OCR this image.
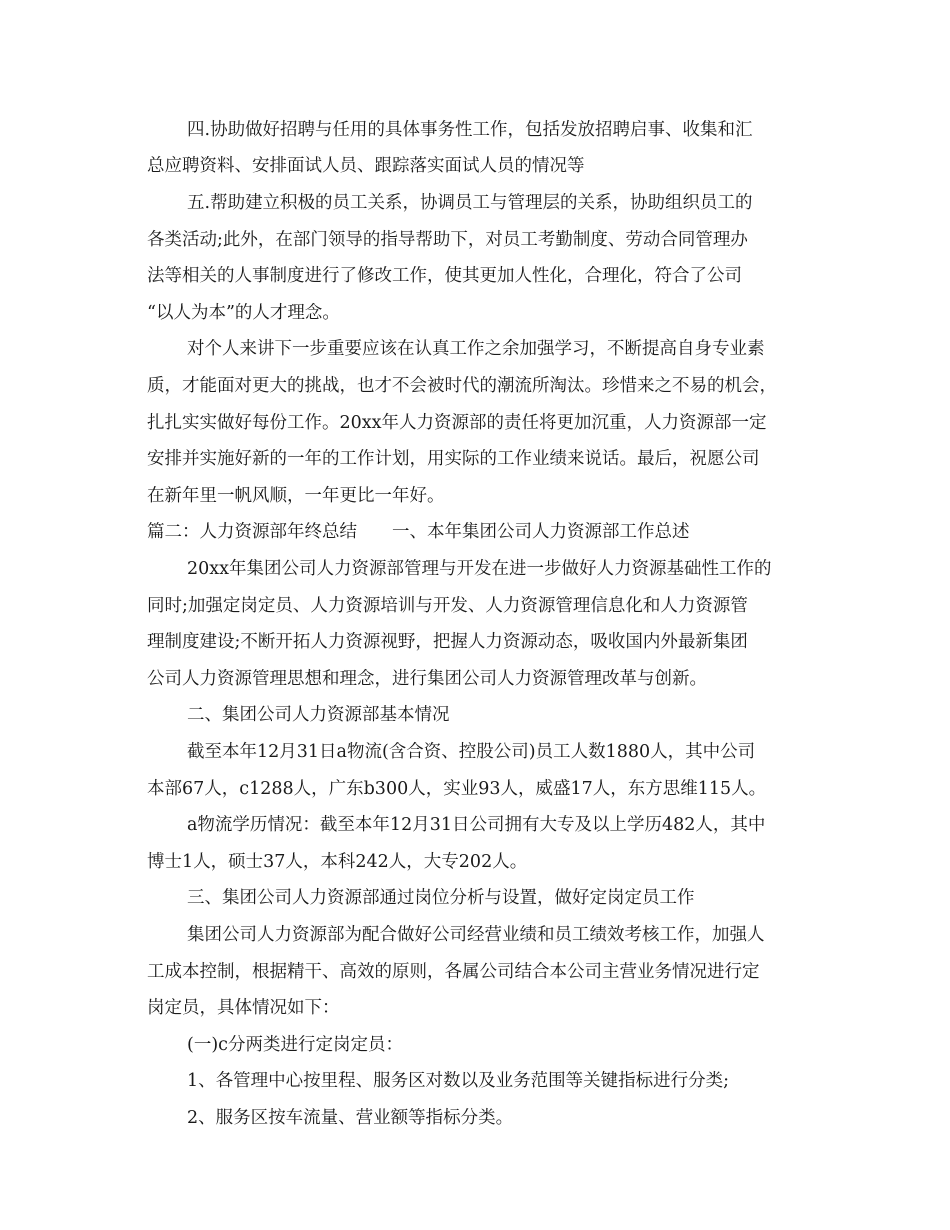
四.协助做好招聘与任用的具体事务性工作，包括发放招聘启事、收集和汇

总应聘资料、安排面试人员、跟踪落实面试人员的情况等

五.帮助建立积极的员工关系，协调员工与管理层的关系，协助组织员工的

各类活动;此外，在部门领导的指导帮助下，对员工考勤制度、劳动合同管理办

法等相关的人事制度进行了修改工作，使其更加人性化，合理化，符合了公司

“以人为本”的人才理念。

对个人来讲下一步重要应该在认真工作之余加强学习，不断提高自身专业素

质，才能面对更大的挑战，也才不会被时代的潮流所淘汰。珍惜来之不易的机会，

扎扎实实做好每份工作。20xx年人力资源部的责任将更加沉重，人力资源部一定

安排并实施好新的一年的工作计划，用实际的工作业绩来说话。最后，祝愿公司

在新年里一帆风顺，一年更比一年好。

篇二：人力资源部年终总结　　一、本年集团公司人力资源部工作总述

20xx年集团公司人力资源部管理与开发在进一步做好人力资源基础性工作的

同时;加强定岗定员、人力资源培训与开发、人力资源管理信息化和人力资源管

理制度建设;不断开拓人力资源视野，把握人力资源动态，吸收国内外最新集团

公司人力资源管理思想和理念，进行集团公司人力资源管理改革与创新。

二、集团公司人力资源部基本情况

截至本年12月31日a物流(含合资、控股公司)员工人数1880人，其中公司

本部67人，c1288人，广东b300人，实业93人，威盛17人，东方思维115人。

a物流学历情况：截至本年12月31日公司拥有大专及以上学历482人，其中

博士1人，硕士37人，本科242人，大专202人。

三、集团公司人力资源部通过岗位分析与设置，做好定岗定员工作

集团公司人力资源部为配合做好公司经营业绩和员工绩效考核工作，加强人

工成本控制，根据精干、高效的原则，各属公司结合本公司主营业务情况进行定

岗定员，具体情况如下：

(一)c分两类进行定岗定员：

1、各管理中心按里程、服务区对数以及业务范围等关键指标进行分类;

2、服务区按车流量、营业额等指标分类。
